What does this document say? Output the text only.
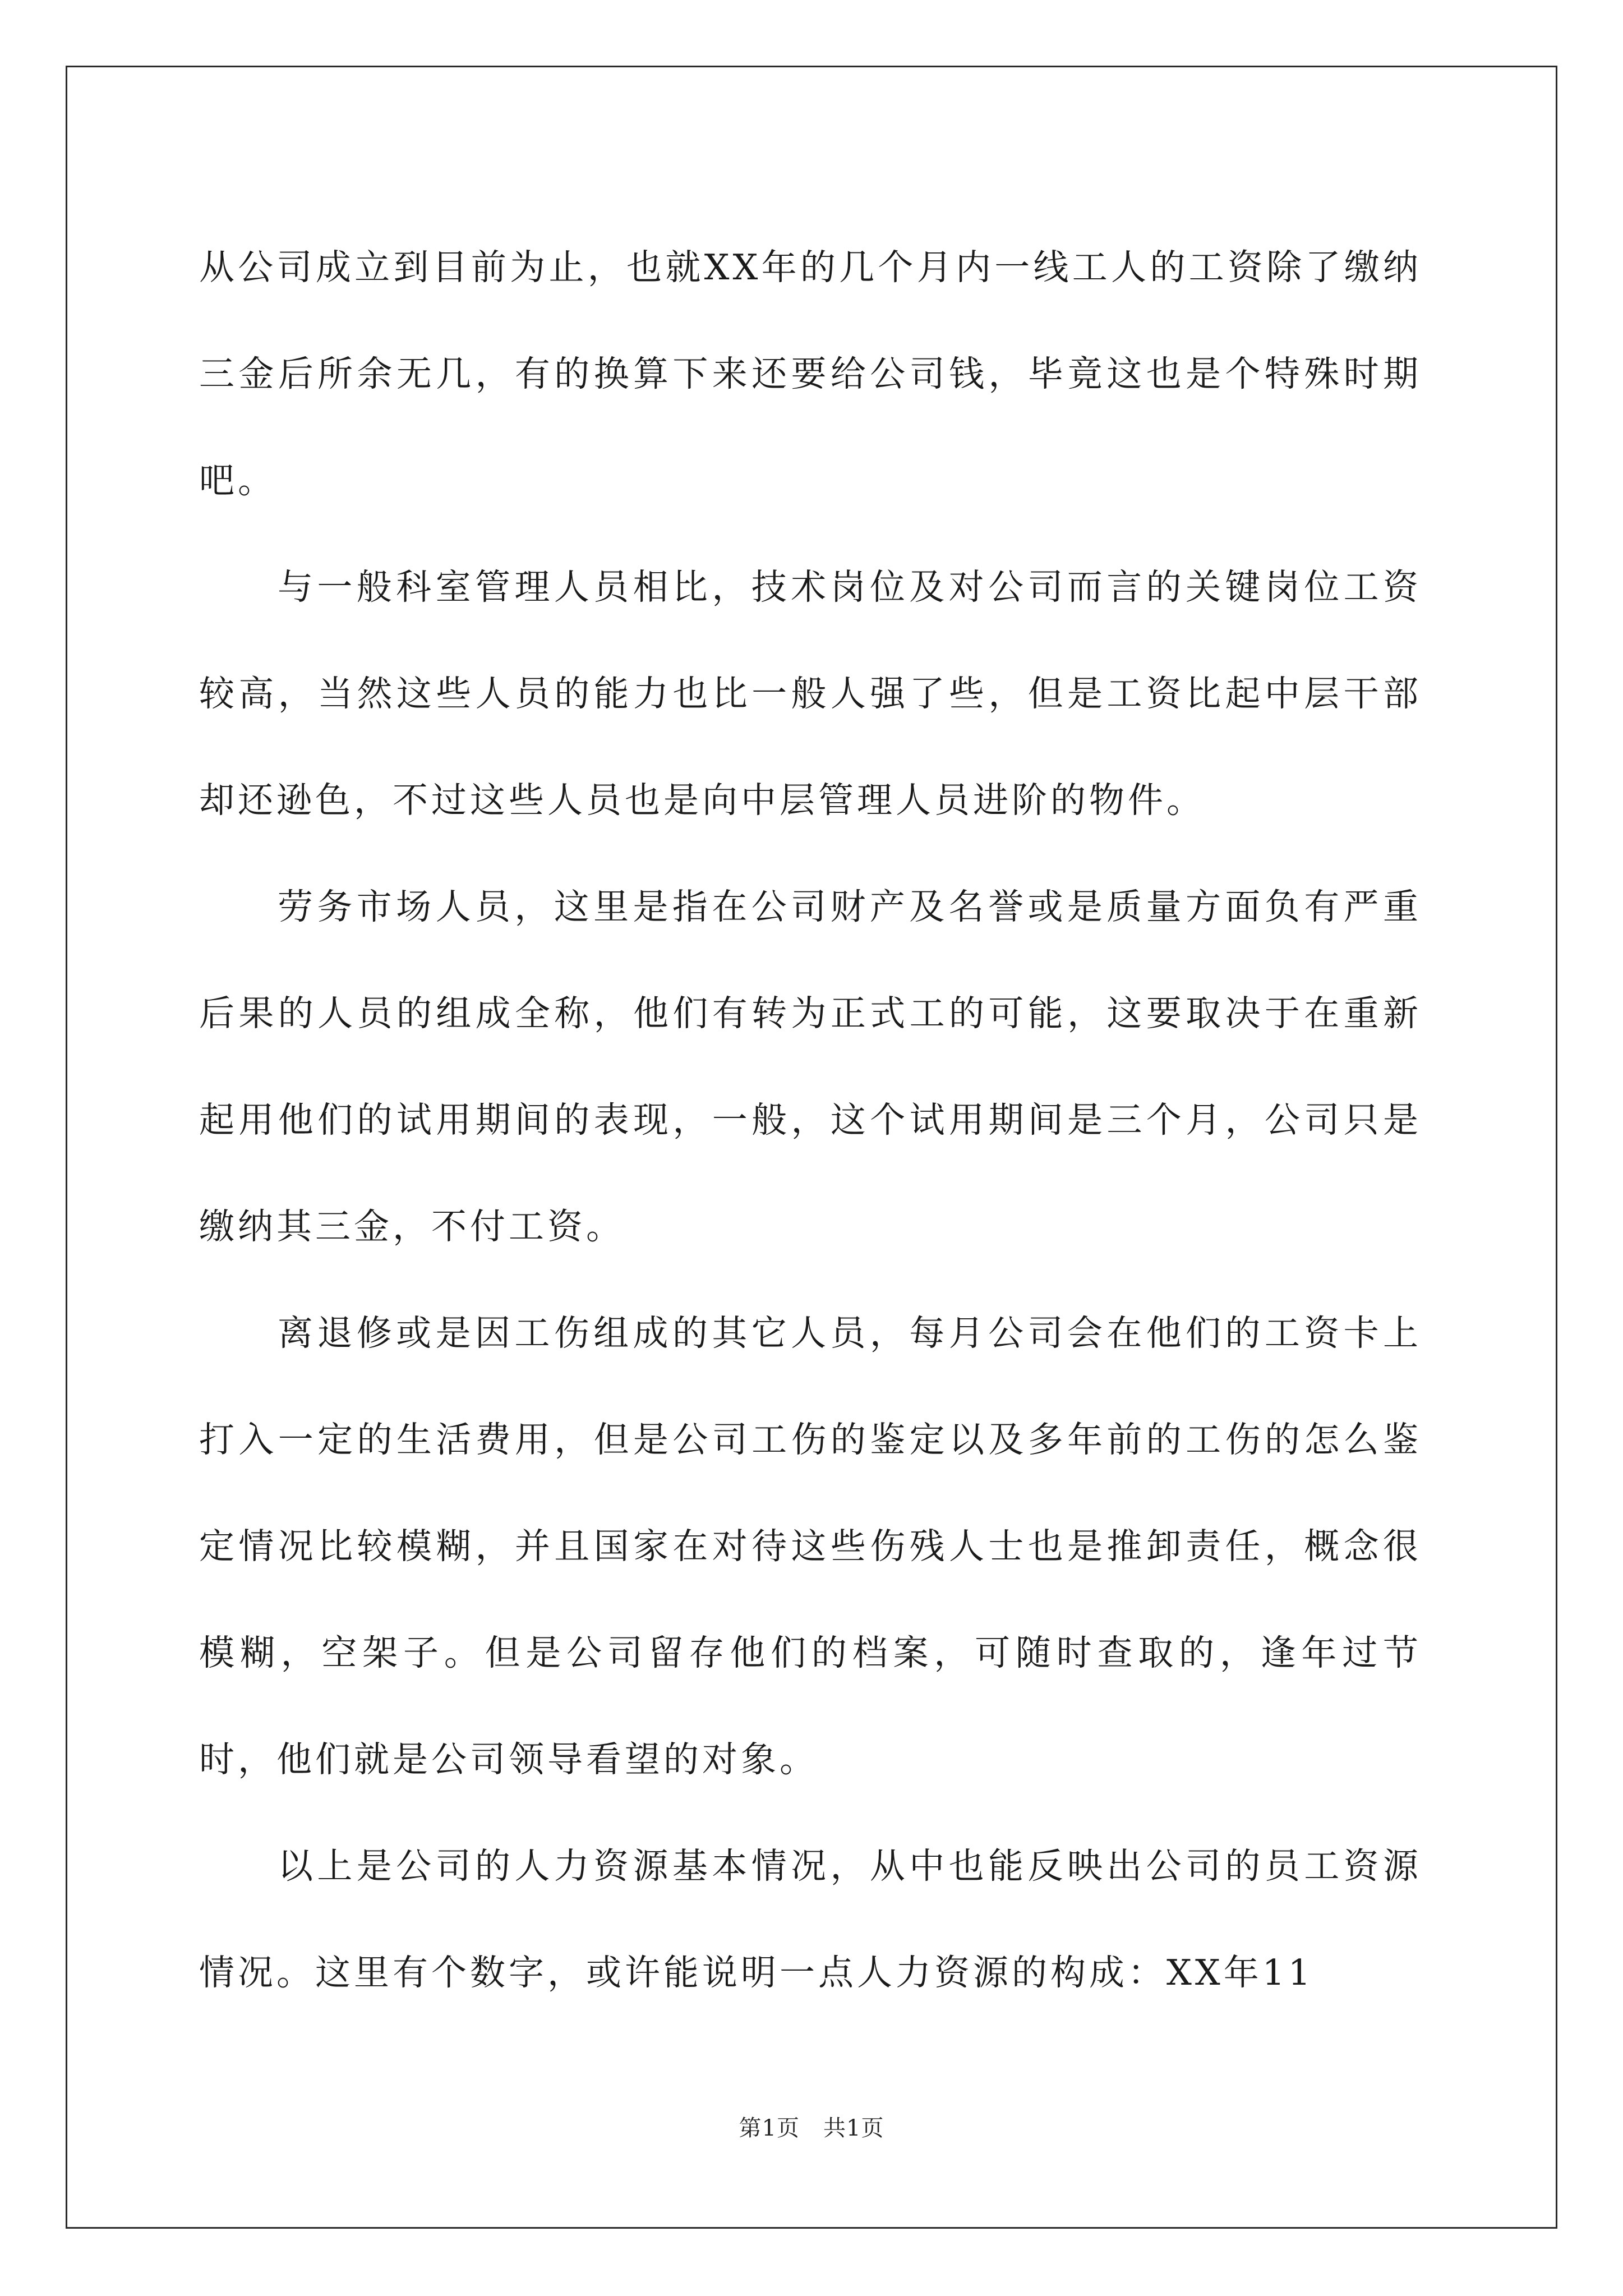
从公司成立到目前为止，也就XX年的几个月内一线工人的工资除了缴纳三金后所余无几，有的换算下来还要给公司钱，毕竟这也是个特殊时期吧。

与一般科室管理人员相比，技术岗位及对公司而言的关键岗位工资较高，当然这些人员的能力也比一般人强了些，但是工资比起中层干部却还逊色，不过这些人员也是向中层管理人员进阶的物件。

劳务市场人员，这里是指在公司财产及名誉或是质量方面负有严重后果的人员的组成全称，他们有转为正式工的可能，这要取决于在重新起用他们的试用期间的表现，一般，这个试用期间是三个月，公司只是缴纳其三金，不付工资。

离退修或是因工伤组成的其它人员，每月公司会在他们的工资卡上打入一定的生活费用，但是公司工伤的鉴定以及多年前的工伤的怎么鉴定情况比较模糊，并且国家在对待这些伤残人士也是推卸责任，概念很模糊，空架子。但是公司留存他们的档案，可随时查取的，逢年过节时，他们就是公司领导看望的对象。

以上是公司的人力资源基本情况，从中也能反映出公司的员工资源情况。这里有个数字，或许能说明一点人力资源的构成：XX年11

第1页 共1页
